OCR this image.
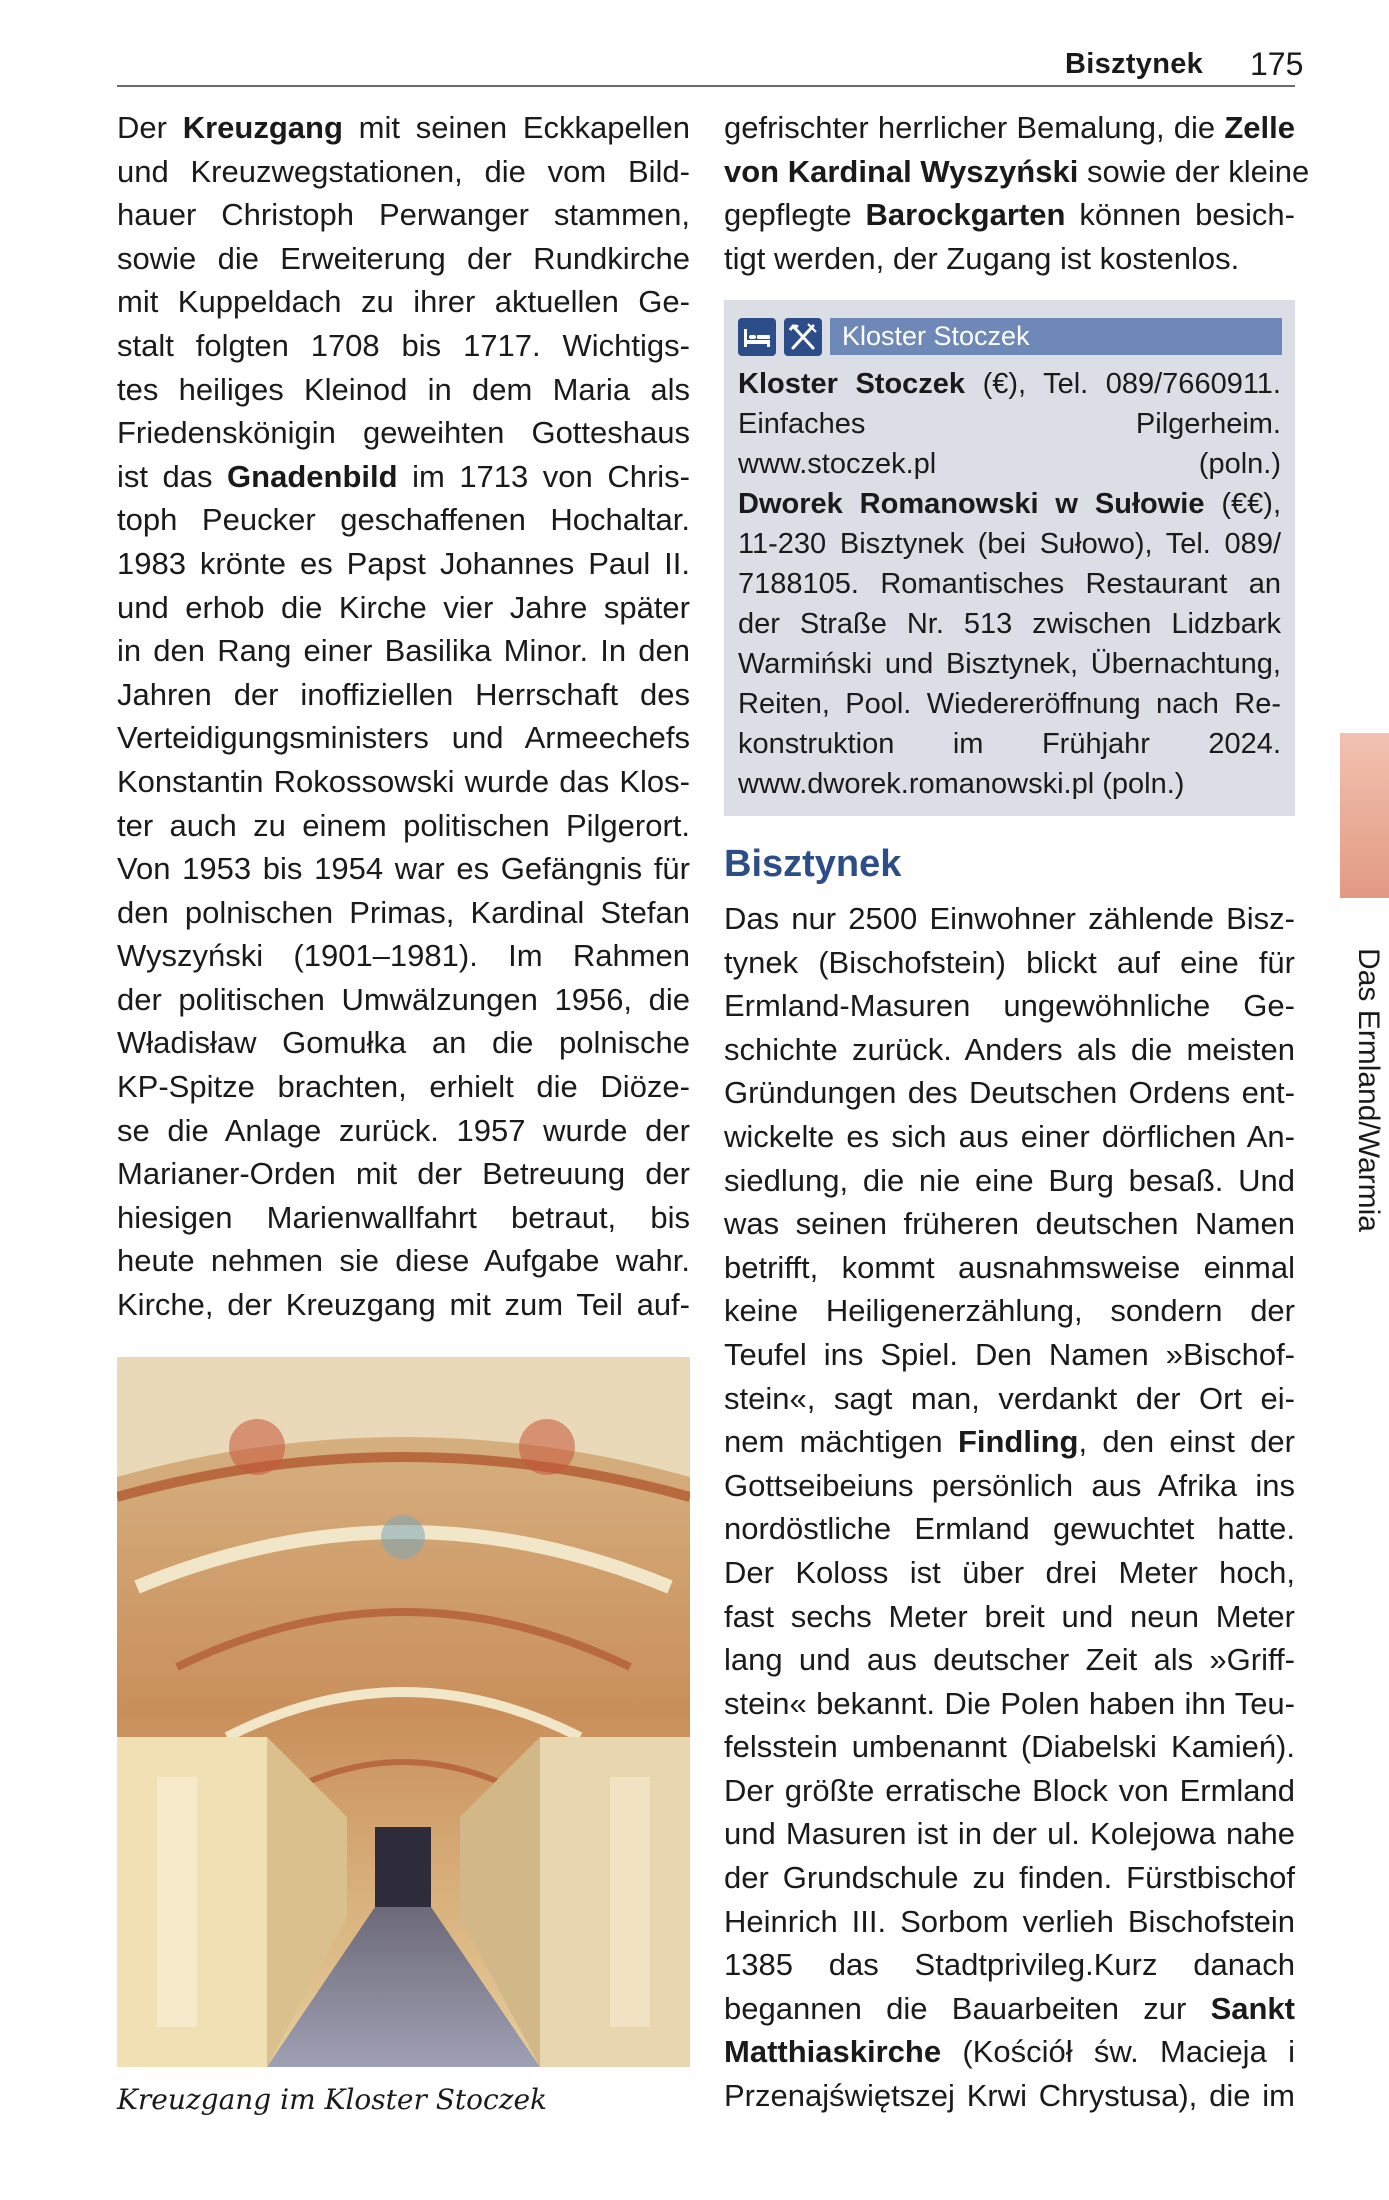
Bisztynek 175
Der Kreuzgang mit seinen Eckkapellen
und Kreuzwegstationen, die vom Bild-
hauer Christoph Perwanger stammen,
sowie die Erweiterung der Rundkirche
mit Kuppeldach zu ihrer aktuellen Ge-
stalt folgten 1708 bis 1717. Wichtigs-
tes heiliges Kleinod in dem Maria als
Friedenskönigin geweihten Gotteshaus
ist das Gnadenbild im 1713 von Chris-
toph Peucker geschaffenen Hochaltar.
1983 krönte es Papst Johannes Paul II.
und erhob die Kirche vier Jahre später
in den Rang einer Basilika Minor. In den
Jahren der inoffiziellen Herrschaft des
Verteidigungsministers und Armeechefs
Konstantin Rokossowski wurde das Klos-
ter auch zu einem politischen Pilgerort.
Von 1953 bis 1954 war es Gefängnis für
den polnischen Primas, Kardinal Stefan
Wyszyński (1901–1981). Im Rahmen
der politischen Umwälzungen 1956, die
Władisław Gomułka an die polnische
KP-Spitze brachten, erhielt die Diöze-
se die Anlage zurück. 1957 wurde der
Marianer-Orden mit der Betreuung der
hiesigen Marienwallfahrt betraut, bis
heute nehmen sie diese Aufgabe wahr.
Kirche, der Kreuzgang mit zum Teil auf-
gefrischter herrlicher Bemalung, die Zelle
von Kardinal Wyszyński sowie der kleine
gepflegte Barockgarten können besich-
tigt werden, der Zugang ist kostenlos.
Kloster Stoczek
Kloster Stoczek (€), Tel. 089/7660911.
Einfaches Pilgerheim.
www.stoczek.pl (poln.)
Dworek Romanowski w Sułowie (€€),
11-230 Bisztynek (bei Sułowo), Tel. 089/
7188105. Romantisches Restaurant an
der Straße Nr. 513 zwischen Lidzbark
Warmiński und Bisztynek, Übernachtung,
Reiten, Pool. Wiedereröffnung nach Re-
konstruktion im Frühjahr 2024.
www.dworek.romanowski.pl (poln.)
Bisztynek
Das nur 2500 Einwohner zählende Bisz-
tynek (Bischofstein) blickt auf eine für
Ermland-Masuren ungewöhnliche Ge-
schichte zurück. Anders als die meisten
Gründungen des Deutschen Ordens ent-
wickelte es sich aus einer dörflichen An-
siedlung, die nie eine Burg besaß. Und
was seinen früheren deutschen Namen
betrifft, kommt ausnahmsweise einmal
keine Heiligenerzählung, sondern der
Teufel ins Spiel. Den Namen »Bischof-
stein«, sagt man, verdankt der Ort ei-
nem mächtigen Findling, den einst der
Gottseibeiuns persönlich aus Afrika ins
nordöstliche Ermland gewuchtet hatte.
Der Koloss ist über drei Meter hoch,
fast sechs Meter breit und neun Meter
lang und aus deutscher Zeit als »Griff-
stein« bekannt. Die Polen haben ihn Teu-
felsstein umbenannt (Diabelski Kamień).
Der größte erratische Block von Ermland
und Masuren ist in der ul. Kolejowa nahe
der Grundschule zu finden. Fürstbischof
Heinrich III. Sorbom verlieh Bischofstein
1385 das Stadtprivileg.Kurz danach
begannen die Bauarbeiten zur Sankt
Matthiaskirche (Kościół św. Macieja i
Przenajświętszej Krwi Chrystusa), die im
Kreuzgang im Kloster Stoczek
Das Ermland/Warmia
